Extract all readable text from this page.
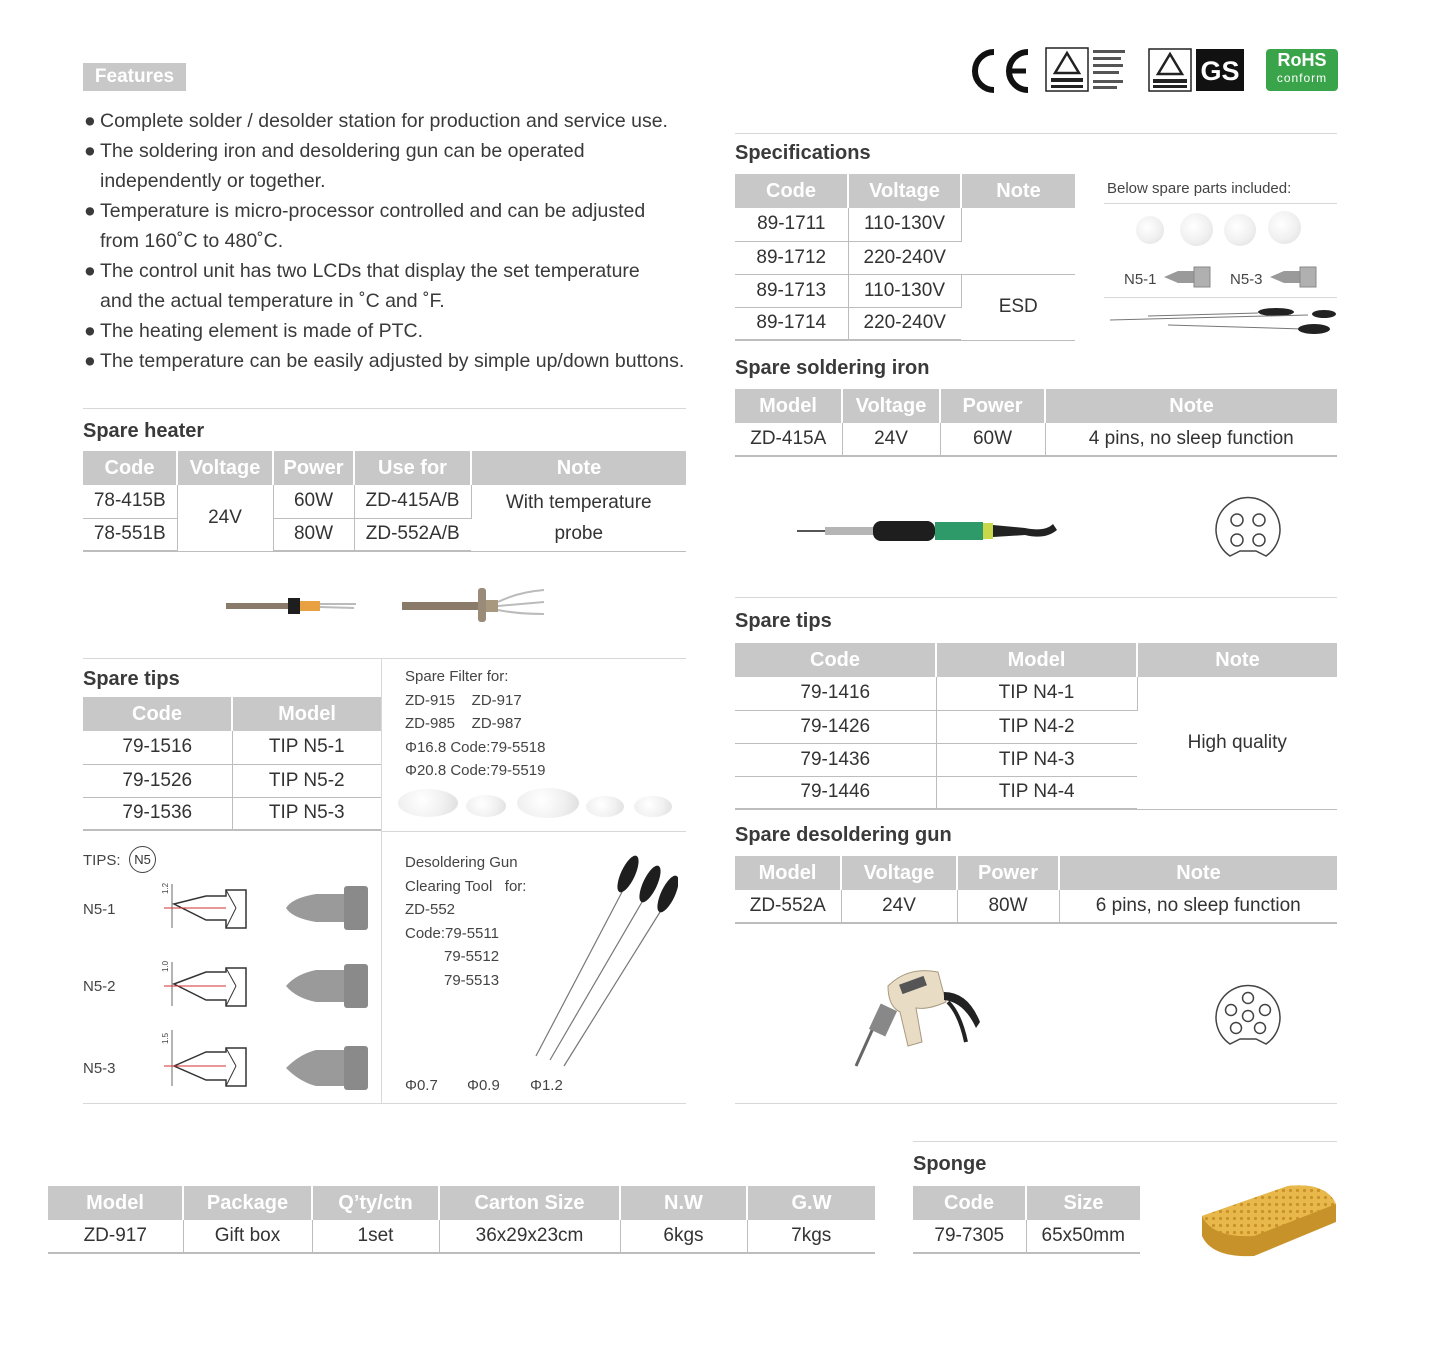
Features
● Complete solder / desolder station for production and service use.
● The soldering iron and desoldering gun can be operated
independently or together.
● Temperature is micro-processor controlled and can be adjusted
from 160˚C to 480˚C.
● The control unit has two LCDs that display the set temperature
and the actual temperature in ˚C and ˚F.
● The heating element is made of PTC.
● The temperature can be easily adjusted by simple up/down buttons.
GS	RoHS
conform
Specifications
Code	Voltage	Note
89-1711	110-130V	
89-1712	220-240V	
89-1713	110-130V	ESD
89-1714	220-240V	
Below spare parts included:
N5-1	N5-3
Spare soldering iron
Model	Voltage	Power	Note
ZD-415A	24V	60W	4 pins, no sleep function
Spare tips
Code	Model	Note
79-1416	TIP N4-1	High quality
79-1426	TIP N4-2	
79-1436	TIP N4-3	
79-1446	TIP N4-4	
Spare desoldering gun
Model	Voltage	Power	Note
ZD-552A	24V	80W	6 pins, no sleep function
Spare heater
Code	Voltage	Power	Use for	Note
78-415B	24V	60W	ZD-415A/B	With temperature
probe
78-551B		80W	ZD-552A/B	
Spare tips
Code	Model
79-1516	TIP N5-1
79-1526	TIP N5-2
79-1536	TIP N5-3
Spare Filter for:
ZD-915    ZD-917
ZD-985    ZD-987
Φ16.8 Code:79-5518
Φ20.8 Code:79-5519
TIPS:	N5
N5-1
1.2
N5-2
1.0
N5-3
1.5
Desoldering Gun
Clearing Tool   for:
ZD-552
Code:79-5511
79-5512
79-5513
Φ0.7 Φ0.9 Φ1.2
Model	Package	Q’ty/ctn	Carton Size	N.W	G.W
ZD-917	Gift box	1set	36x29x23cm	6kgs	7kgs
Sponge
Code	Size
79-7305	65x50mm
